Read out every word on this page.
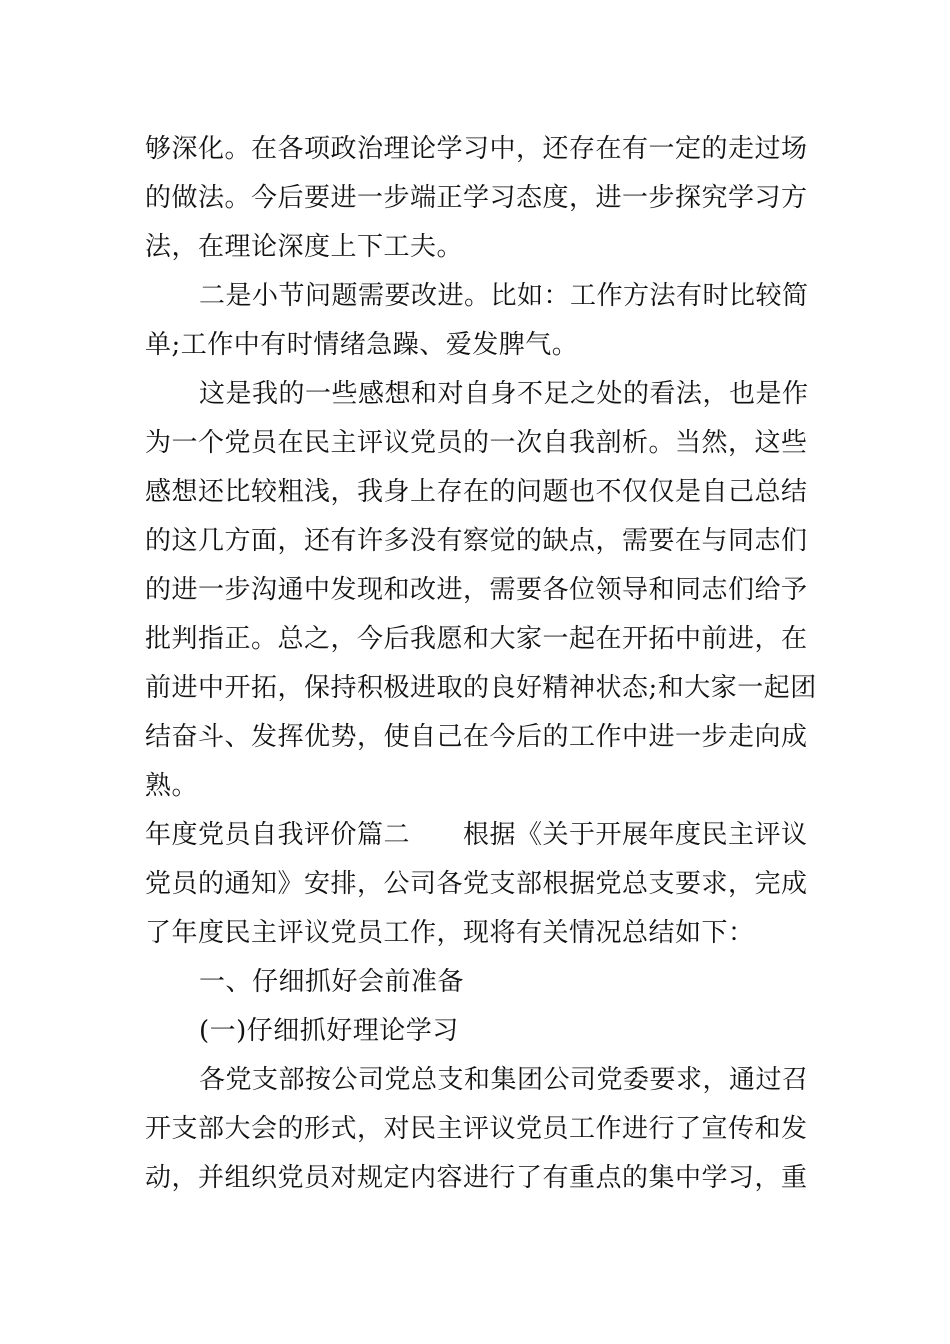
够深化。在各项政治理论学习中，还存在有一定的走过场
的做法。今后要进一步端正学习态度，进一步探究学习方
法，在理论深度上下工夫。
二是小节问题需要改进。比如：工作方法有时比较简
单;工作中有时情绪急躁、爱发脾气。
这是我的一些感想和对自身不足之处的看法，也是作
为一个党员在民主评议党员的一次自我剖析。当然，这些
感想还比较粗浅，我身上存在的问题也不仅仅是自己总结
的这几方面，还有许多没有察觉的缺点，需要在与同志们
的进一步沟通中发现和改进，需要各位领导和同志们给予
批判指正。总之，今后我愿和大家一起在开拓中前进，在
前进中开拓，保持积极进取的良好精神状态;和大家一起团
结奋斗、发挥优势，使自己在今后的工作中进一步走向成
熟。
年度党员自我评价篇二　　根据《关于开展年度民主评议
党员的通知》安排，公司各党支部根据党总支要求，完成
了年度民主评议党员工作，现将有关情况总结如下：
一、仔细抓好会前准备
(一)仔细抓好理论学习
各党支部按公司党总支和集团公司党委要求，通过召
开支部大会的形式，对民主评议党员工作进行了宣传和发
动，并组织党员对规定内容进行了有重点的集中学习，重
